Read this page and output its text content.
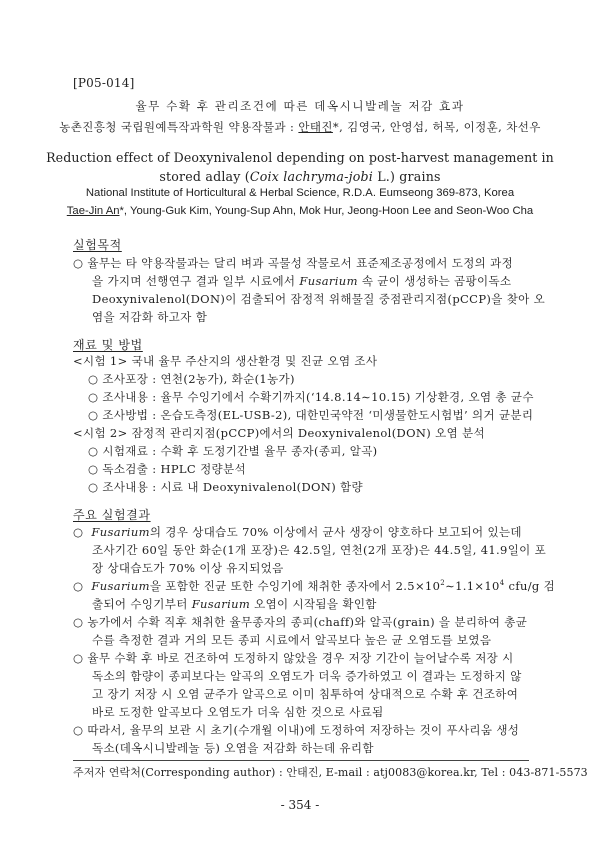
[P05-014]
율무 수확 후 관리조건에 따른 데옥시니발레놀 저감 효과
농촌진흥청 국립원예특작과학원 약용작물과 : 안태진*, 김영국, 안영섭, 허목, 이정훈, 차선우
Reduction effect of Deoxynivalenol depending on post-harvest management in
stored adlay (Coix lachryma-jobi L.) grains
National Institute of Horticultural & Herbal Science, R.D.A. Eumseong 369-873, Korea
Tae-Jin An*, Young-Guk Kim, Young-Sup Ahn, Mok Hur, Jeong-Hoon Lee and Seon-Woo Cha
실험목적
○ 율무는 타 약용작물과는 달리 벼과 곡물성 작물로서 표준제조공정에서 도정의 과정
을 가지며 선행연구 결과 일부 시료에서 Fusarium 속 균이 생성하는 곰팡이독소
Deoxynivalenol(DON)이 검출되어 잠정적 위해물질 중점관리지점(pCCP)을 찾아 오
염을 저감화 하고자 함
재료 및 방법
<시험 1> 국내 율무 주산지의 생산환경 및 진균 오염 조사
○ 조사포장 : 연천(2농가), 화순(1농가)
○ 조사내용 : 율무 수잉기에서 수확기까지(‘14.8.14∼10.15) 기상환경, 오염 총 균수
○ 조사방법 : 온습도측정(EL-USB-2), 대한민국약전 ‘미생물한도시험법’ 의거 균분리
<시험 2> 잠정적 관리지점(pCCP)에서의 Deoxynivalenol(DON) 오염 분석
○ 시험재료 : 수확 후 도정기간별 율무 종자(종피, 알곡)
○ 독소검출 : HPLC 정량분석
○ 조사내용 : 시료 내 Deoxynivalenol(DON) 함량
주요 실험결과
○ Fusarium의 경우 상대습도 70% 이상에서 균사 생장이 양호하다 보고되어 있는데
조사기간 60일 동안 화순(1개 포장)은 42.5일, 연천(2개 포장)은 44.5일, 41.9일이 포
장 상대습도가 70% 이상 유지되었음
○ Fusarium을 포함한 진균 또한 수잉기에 채취한 종자에서 $2.5\times 10^2\sim 1.1\times 10^4$ cfu/g 검
출되어 수잉기부터 Fusarium 오염이 시작됨을 확인함
○ 농가에서 수확 직후 채취한 율무종자의 종피(chaff)와 알곡(grain) 을 분리하여 총균
수를 측정한 결과 거의 모든 종피 시료에서 알곡보다 높은 균 오염도를 보였음
○ 율무 수확 후 바로 건조하여 도정하지 않았을 경우 저장 기간이 늘어날수록 저장 시
독소의 함량이 종피보다는 알곡의 오염도가 더욱 증가하였고 이 결과는 도정하지 않
고 장기 저장 시 오염 균주가 알곡으로 이미 침투하여 상대적으로 수확 후 건조하여
바로 도정한 알곡보다 오염도가 더욱 심한 것으로 사료됨
○ 따라서, 율무의 보관 시 초기(수개월 이내)에 도정하여 저장하는 것이 푸사리움 생성
독소(데옥시니발레놀 등) 오염을 저감화 하는데 유리함
주저자 연락처(Corresponding author) : 안태진, E-mail : atj0083@korea.kr, Tel : 043-871-5573
- 354 -
